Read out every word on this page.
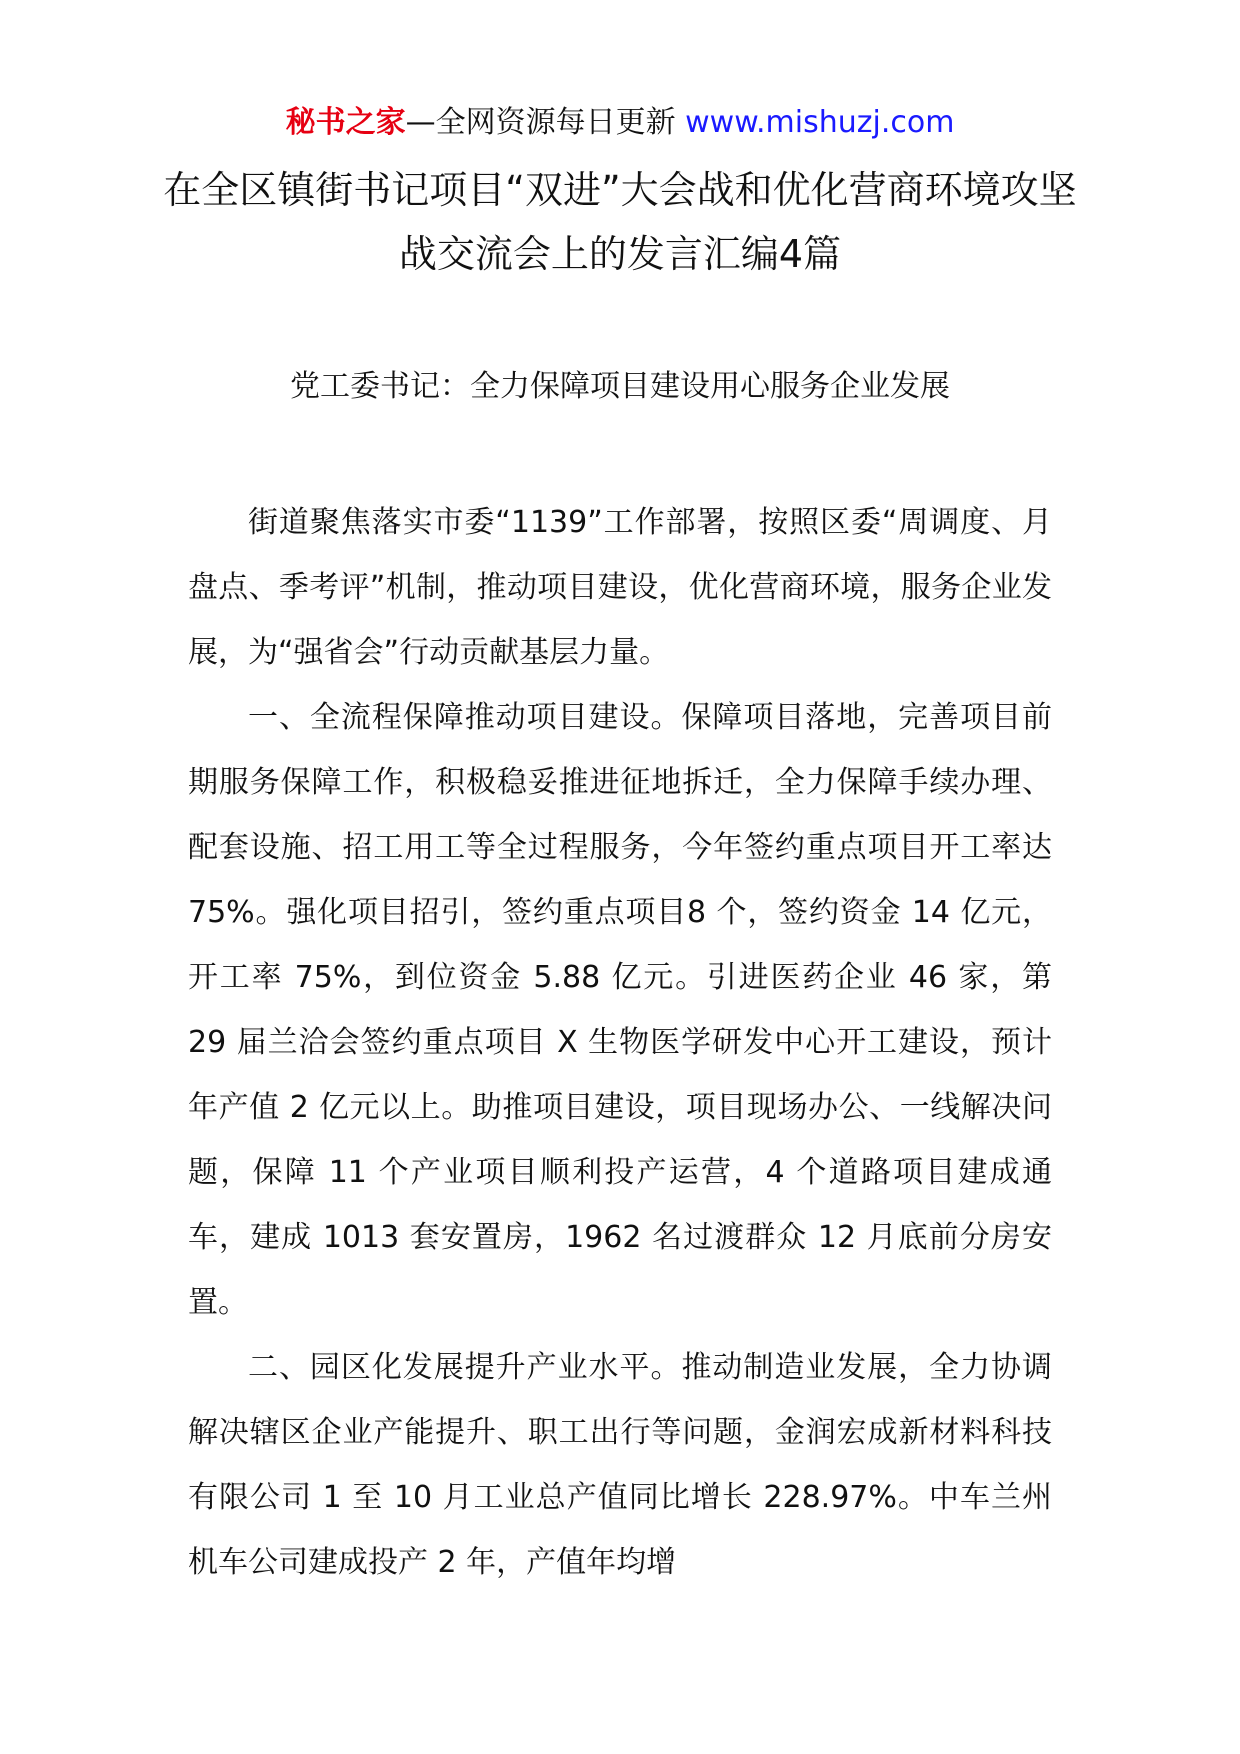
秘书之家—全网资源每日更新 www.mishuzj.com
在全区镇街书记项目“双进”大会战和优化营商环境攻坚战交流会上的发言汇编4篇
党工委书记：全力保障项目建设用心服务企业发展

街道聚焦落实市委“1139”工作部署，按照区委“周调度、月盘点、季考评”机制，推动项目建设，优化营商环境，服务企业发展，为“强省会”行动贡献基层力量。

一、全流程保障推动项目建设。保障项目落地，完善项目前期服务保障工作，积极稳妥推进征地拆迁，全力保障手续办理、配套设施、招工用工等全过程服务，今年签约重点项目开工率达 75%。强化项目招引，签约重点项目8 个，签约资金 14 亿元，开工率 75%，到位资金 5.88 亿元。引进医药企业 46 家，第 29 届兰洽会签约重点项目 X 生物医学研发中心开工建设，预计年产值 2 亿元以上。助推项目建设，项目现场办公、一线解决问题，保障 11 个产业项目顺利投产运营，4 个道路项目建成通车，建成 1013 套安置房，1962 名过渡群众 12 月底前分房安置。

二、园区化发展提升产业水平。推动制造业发展，全力协调解决辖区企业产能提升、职工出行等问题，金润宏成新材料科技有限公司 1 至 10 月工业总产值同比增长 228.97%。中车兰州机车公司建成投产 2 年，产值年均增
